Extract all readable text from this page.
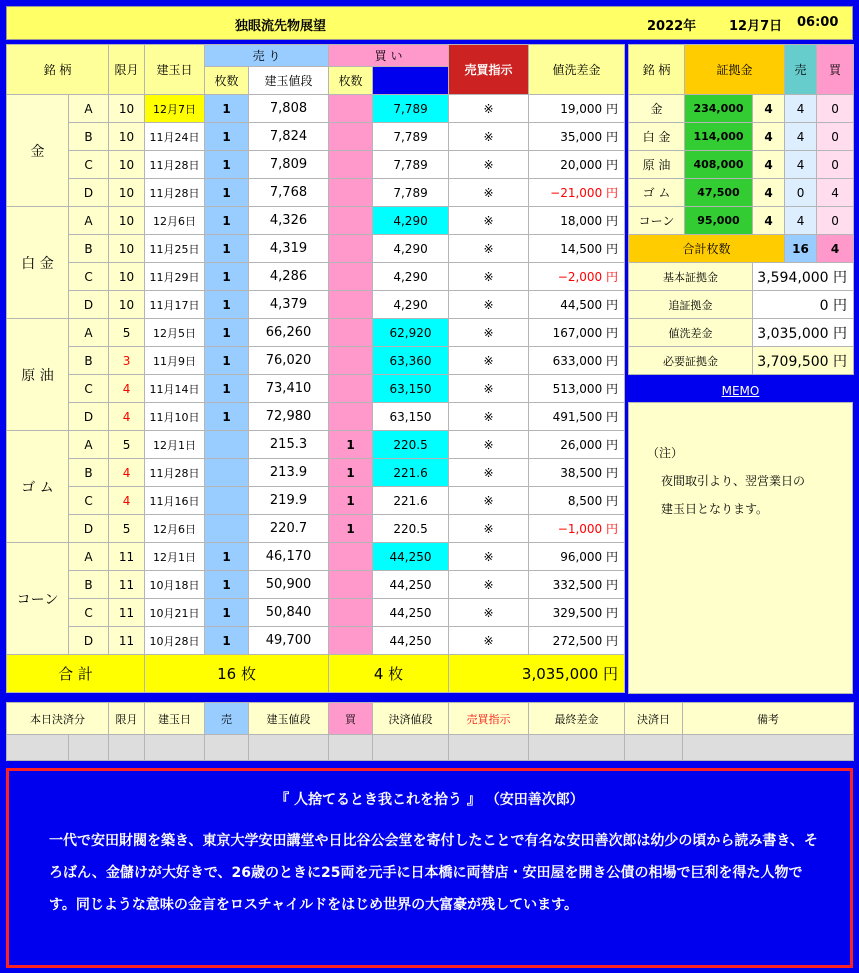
独眼流先物展望	2022年	12月7日 06:00
銘 柄		限月	建玉日	売 り		買 い		売買指示	値洗差金
				枚数	建玉値段	枚数		
金	A	10	12月7日	1	7,808		7,789	※	19,000 円
	B	10	11月24日	1	7,824		7,789	※	35,000 円
	C	10	11月28日	1	7,809		7,789	※	20,000 円
	D	10	11月28日	1	7,768		7,789	※	−21,000 円
白 金	A	10	12月6日	1	4,326		4,290	※	18,000 円
	B	10	11月25日	1	4,319		4,290	※	14,500 円
	C	10	11月29日	1	4,286		4,290	※	−2,000 円
	D	10	11月17日	1	4,379		4,290	※	44,500 円
原 油	A	5	12月5日	1	66,260		62,920	※	167,000 円
	B	3	11月9日	1	76,020		63,360	※	633,000 円
	C	4	11月14日	1	73,410		63,150	※	513,000 円
	D	4	11月10日	1	72,980		63,150	※	491,500 円
ゴ ム	A	5	12月1日		215.3	1	220.5	※	26,000 円
	B	4	11月28日		213.9	1	221.6	※	38,500 円
	C	4	11月16日		219.9	1	221.6	※	8,500 円
	D	5	12月6日		220.7	1	220.5	※	−1,000 円
コーン	A	11	12月1日	1	46,170		44,250	※	96,000 円
	B	11	10月18日	1	50,900		44,250	※	332,500 円
	C	11	10月21日	1	50,840		44,250	※	329,500 円
	D	11	10月28日	1	49,700		44,250	※	272,500 円
合 計			16 枚			4 枚		3,035,000 円	
銘 柄	証拠金		売	買
金	234,000	4	4	0
白 金	114,000	4	4	0
原 油	408,000	4	4	0
ゴ ム	47,500	4	0	4
コーン	95,000	4	4	0
合計枚数			16	4
基本証拠金		3,594,000 円		
追証拠金		0 円		
値洗差金		3,035,000 円		
必要証拠金		3,709,500 円		
MEMO
（注）
夜間取引より、翌営業日の
建玉日となります。
本日決済分		限月	建玉日	売	建玉値段	買	決済値段	売買指示	最終差金	決済日	備考

『 人捨てるとき我これを拾う 』 （安田善次郎）
一代で安田財閥を築き、東京大学安田講堂や日比谷公会堂を寄付したことで有名な安田善次郎は幼少の頃から読み書き、そろばん、金儲けが大好きで、26歳のときに25両を元手に日本橋に両替店・安田屋を開き公債の相場で巨利を得た人物です。同じような意味の金言をロスチャイルドをはじめ世界の大富豪が残しています。
